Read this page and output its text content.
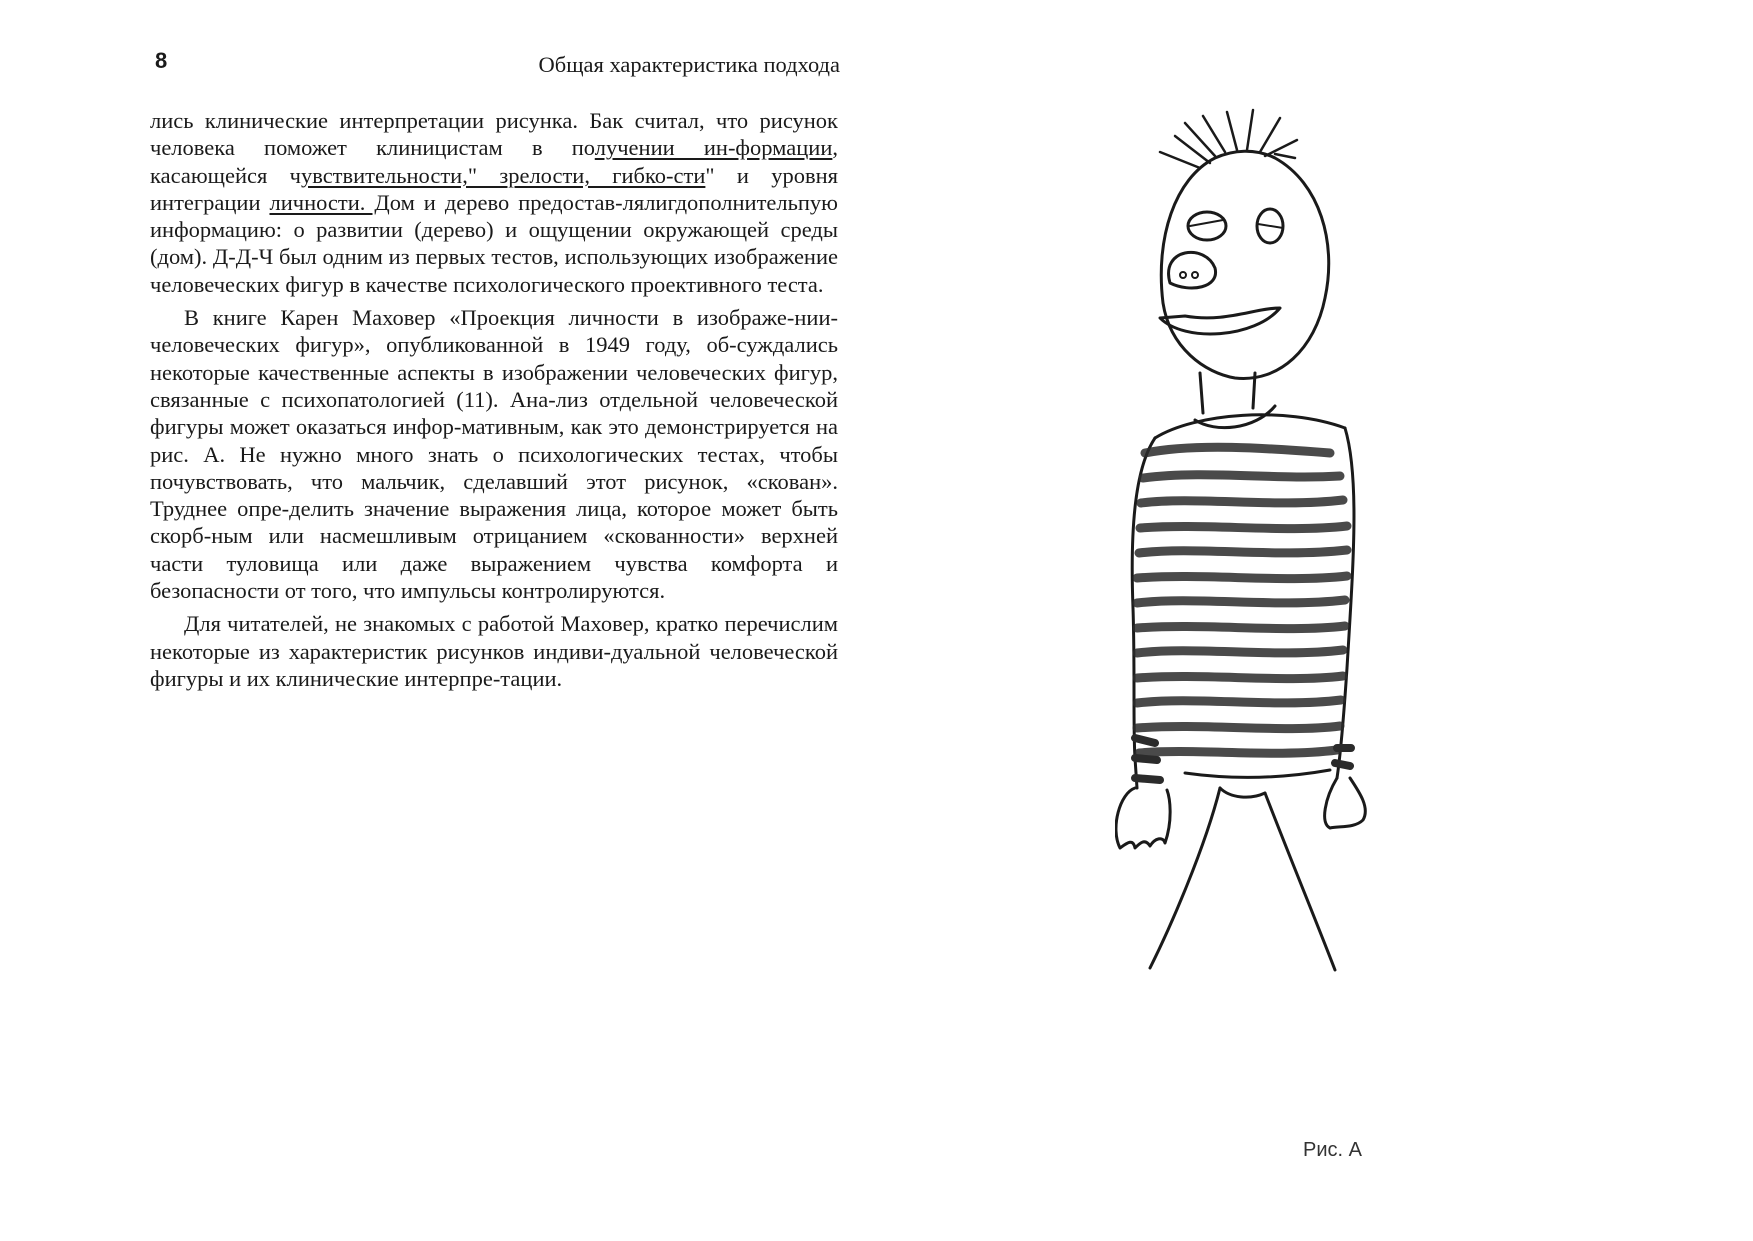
8	Общая характеристика подхода

лись клинические интерпретации рисунка. Бак считал, что рисунок человека поможет клиницистам в получении ин-формации, касающейся чувствительности," зрелости, гибко-сти" и уровня интеграции личности. Дом и дерево предостав-лялигдополнительпую информацию: о развитии (дерево) и ощущении окружающей среды (дом). Д-Д-Ч был одним из первых тестов, использующих изображение человеческих фигур в качестве психологического проективного теста.

В книге Карен Маховер «Проекция личности в изображе-нии-человеческих фигур», опубликованной в 1949 году, об-суждались некоторые качественные аспекты в изображении человеческих фигур, связанные с психопатологией (11). Ана-лиз отдельной человеческой фигуры может оказаться инфор-мативным, как это демонстрируется на рис. А. Не нужно много знать о психологических тестах, чтобы почувствовать, что мальчик, сделавший этот рисунок, «скован». Труднее опре-делить значение выражения лица, которое может быть скорб-ным или насмешливым отрицанием «скованности» верхней части туловища или даже выражением чувства комфорта и безопасности от того, что импульсы контролируются.

Для читателей, не знакомых с работой Маховер, кратко перечислим некоторые из характеристик рисунков индиви-дуальной человеческой фигуры и их клинические интерпре-тации.

Рис. А
